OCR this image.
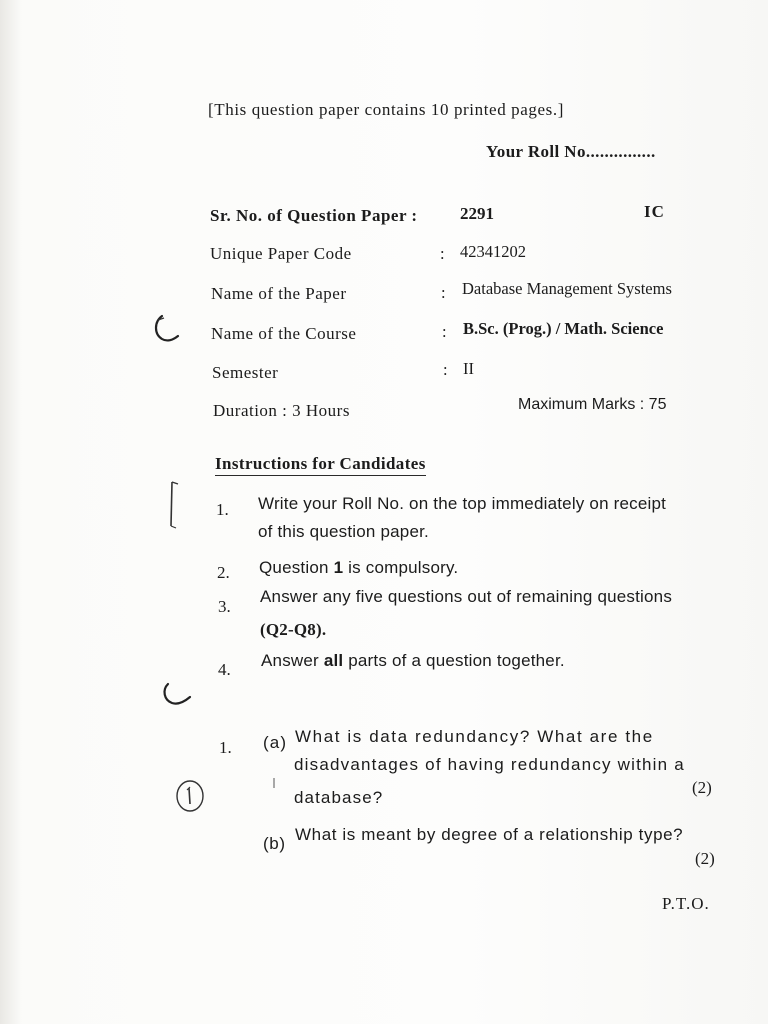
[This question paper contains 10 printed pages.]
Your Roll No...............
Sr. No. of Question Paper : 2291	IC
Unique Paper Code	: 42341202
Name of the Paper	: Database Management Systems
Name of the Course	: B.Sc. (Prog.) / Math. Science
Semester	: II
Duration : 3 Hours	Maximum Marks : 75
Instructions for Candidates
1. Write your Roll No. on the top immediately on receipt
of this question paper.
2. Question 1 is compulsory.
3.
Answer any five questions out of remaining questions
(Q2-Q8).
4. Answer all parts of a question together.
1. (a) What is data redundancy? What are the
disadvantages of having redundancy within a
database?
(2)
(b) What is meant by degree of a relationship type?
(2)
P.T.O.
